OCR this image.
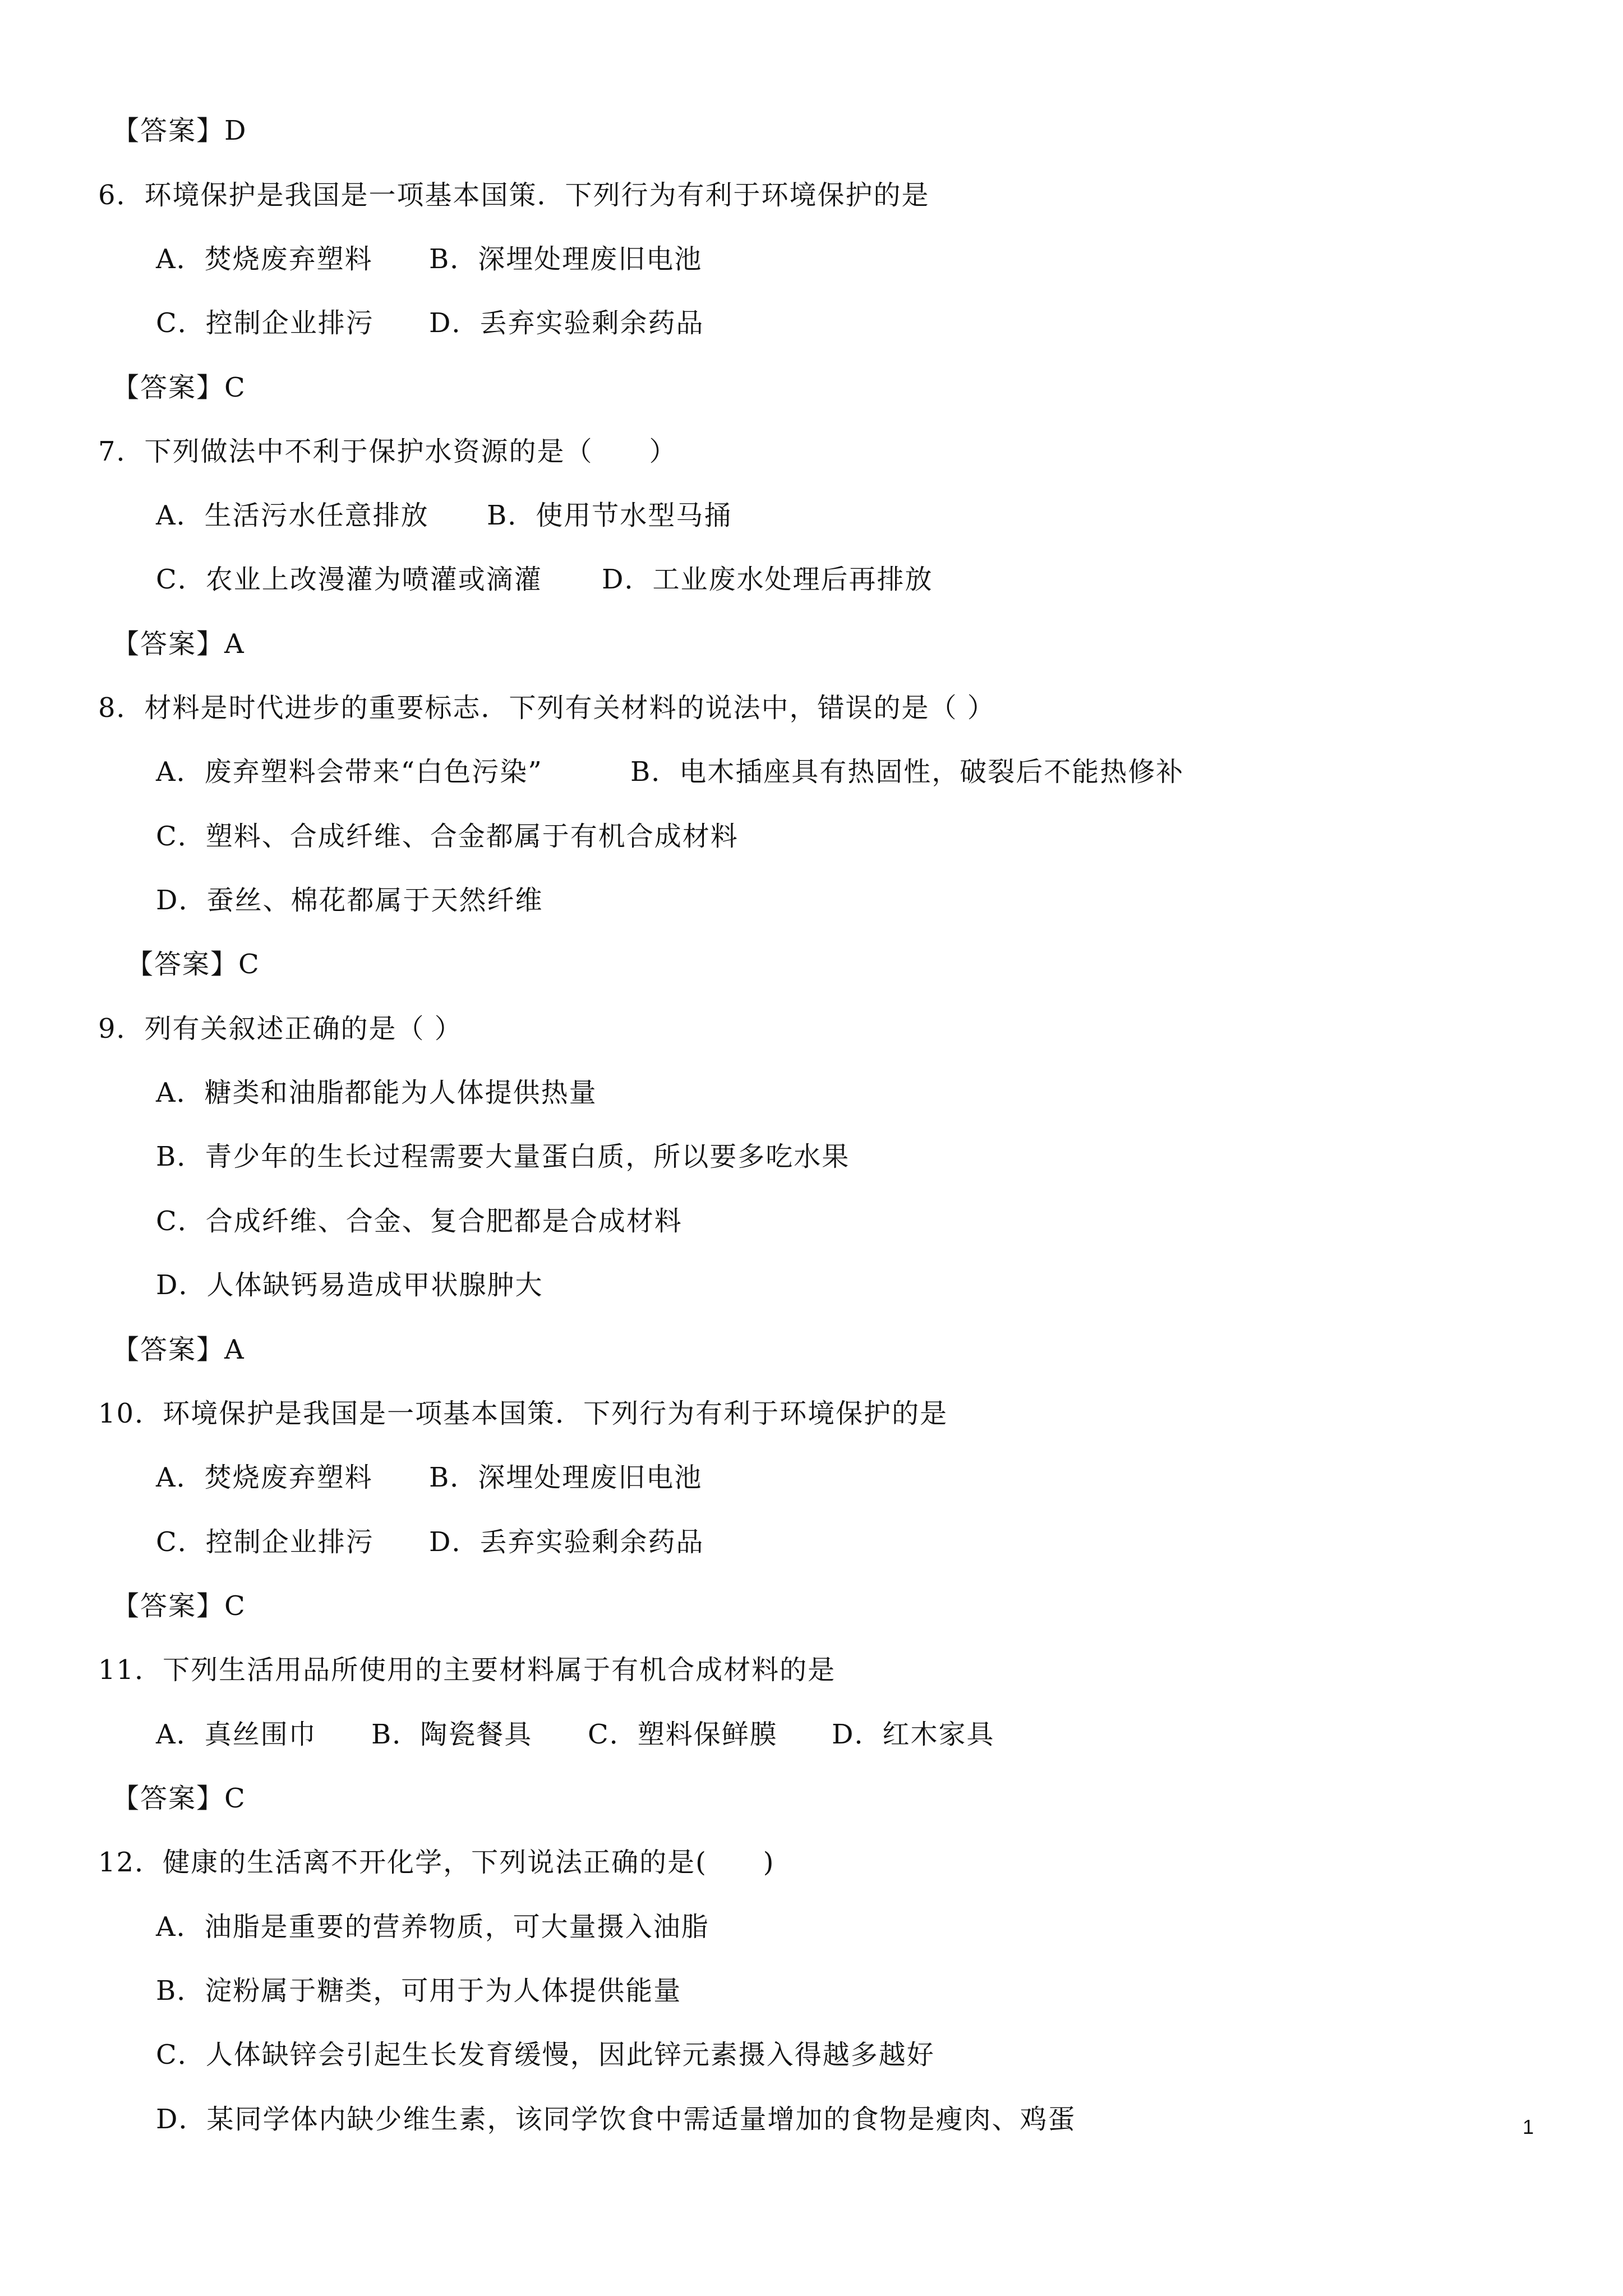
【答案】D
6．环境保护是我国是一项基本国策．下列行为有利于环境保护的是

A．焚烧废弃塑料

B．深埋处理废旧电池

C．控制企业排污

D．丢弃实验剩余药品

【答案】C
7．下列做法中不利于保护水资源的是（　　）

A．生活污水任意排放

B．使用节水型马捅

C．农业上改漫灌为喷灌或滴灌

D．工业废水处理后再排放

【答案】A
8．材料是时代进步的重要标志．下列有关材料的说法中，错误的是（ ）

A．废弃塑料会带来“白色污染”

	B．电木插座具有热固性，破裂后不能热修补

C．塑料、合成纤维、合金都属于有机合成材料
D．蚕丝、棉花都属于天然纤维
【答案】C
9．列有关叙述正确的是（ ）
A．糖类和油脂都能为人体提供热量
B．青少年的生长过程需要大量蛋白质，所以要多吃水果
C．合成纤维、合金、复合肥都是合成材料
D．人体缺钙易造成甲状腺肿大
【答案】A
10．环境保护是我国是一项基本国策．下列行为有利于环境保护的是

A．焚烧废弃塑料

B．深埋处理废旧电池

C．控制企业排污

D．丢弃实验剩余药品

【答案】C
11．下列生活用品所使用的主要材料属于有机合成材料的是

A．真丝围巾

B．陶瓷餐具

C．塑料保鲜膜

D．红木家具

【答案】C
12．健康的生活离不开化学，下列说法正确的是(　　)
A．油脂是重要的营养物质，可大量摄入油脂
B．淀粉属于糖类，可用于为人体提供能量
C．人体缺锌会引起生长发育缓慢，因此锌元素摄入得越多越好
D．某同学体内缺少维生素，该同学饮食中需适量增加的食物是瘦肉、鸡蛋	1
